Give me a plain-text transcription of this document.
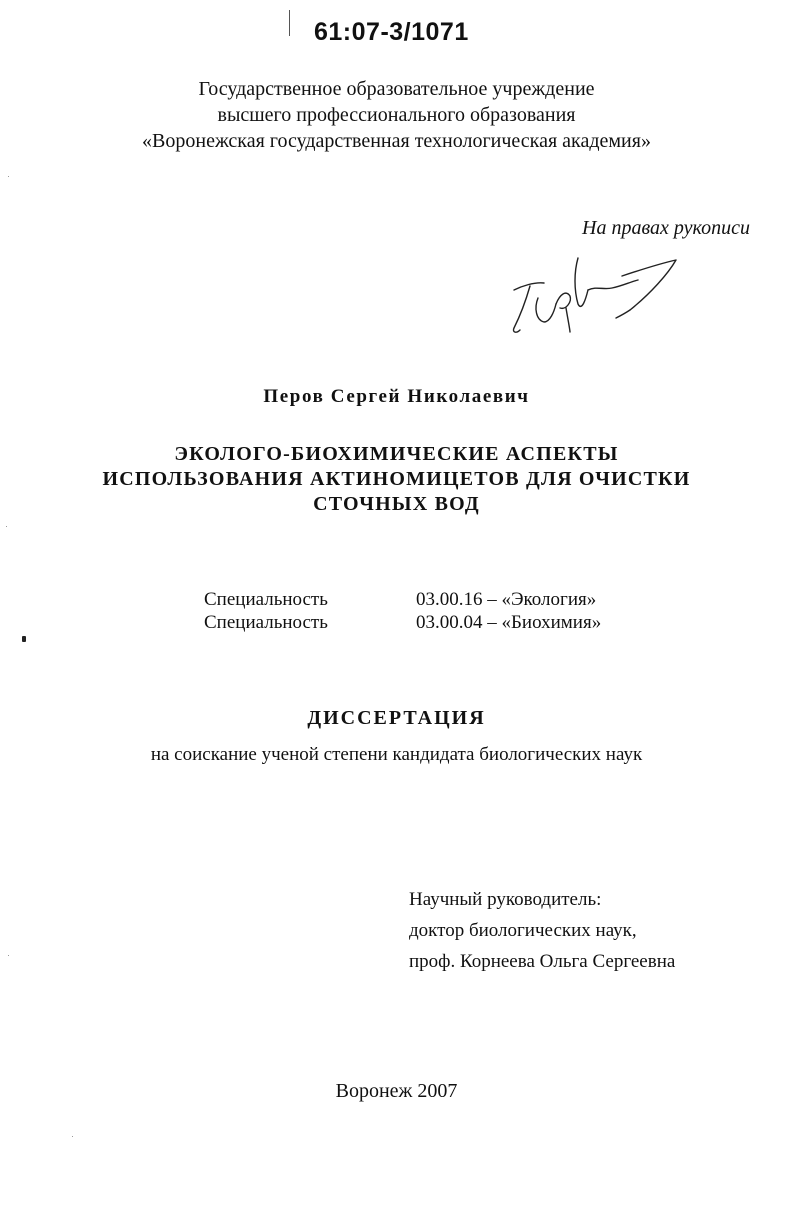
61:07-3/1071
Государственное образовательное учреждение
высшего профессионального образования
«Воронежская государственная технологическая академия»
На правах рукописи
Перов Сергей Николаевич
ЭКОЛОГО-БИОХИМИЧЕСКИЕ АСПЕКТЫ
ИСПОЛЬЗОВАНИЯ АКТИНОМИЦЕТОВ ДЛЯ ОЧИСТКИ
СТОЧНЫХ ВОД
Специальность	03.00.16 – «Экология»
Специальность	03.00.04 – «Биохимия»
ДИССЕРТАЦИЯ
на соискание ученой степени кандидата биологических наук
Научный руководитель:
доктор биологических наук,
проф. Корнеева Ольга Сергеевна
Воронеж 2007
